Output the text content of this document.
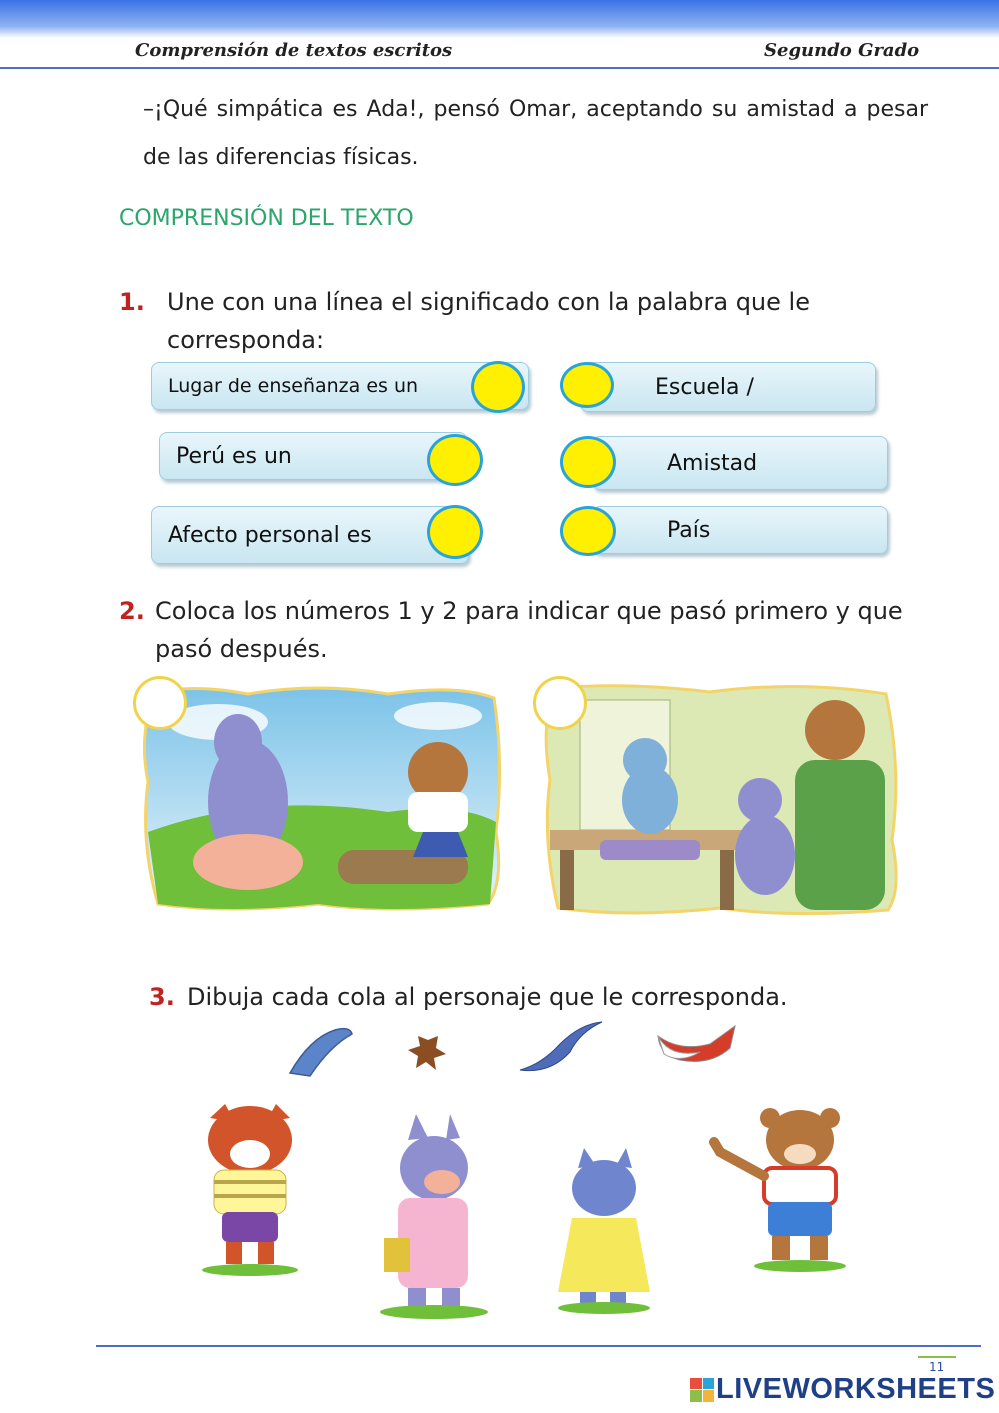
Comprensión de textos escritos	Segundo Grado
–¡Qué simpática es Ada!, pensó Omar, aceptando su amistad a pesar de las diferencias físicas.
COMPRENSIÓN DEL TEXTO
1. Une con una línea el significado con la palabra que le corresponda:
Lugar de enseñanza es un
Perú es un
Afecto personal es
Escuela /
Amistad
País
2. Coloca los números 1 y 2 para indicar que pasó primero y que pasó después.
3. Dibuja cada cola al personaje que le corresponda.
11
LIVEWORKSHEETS
